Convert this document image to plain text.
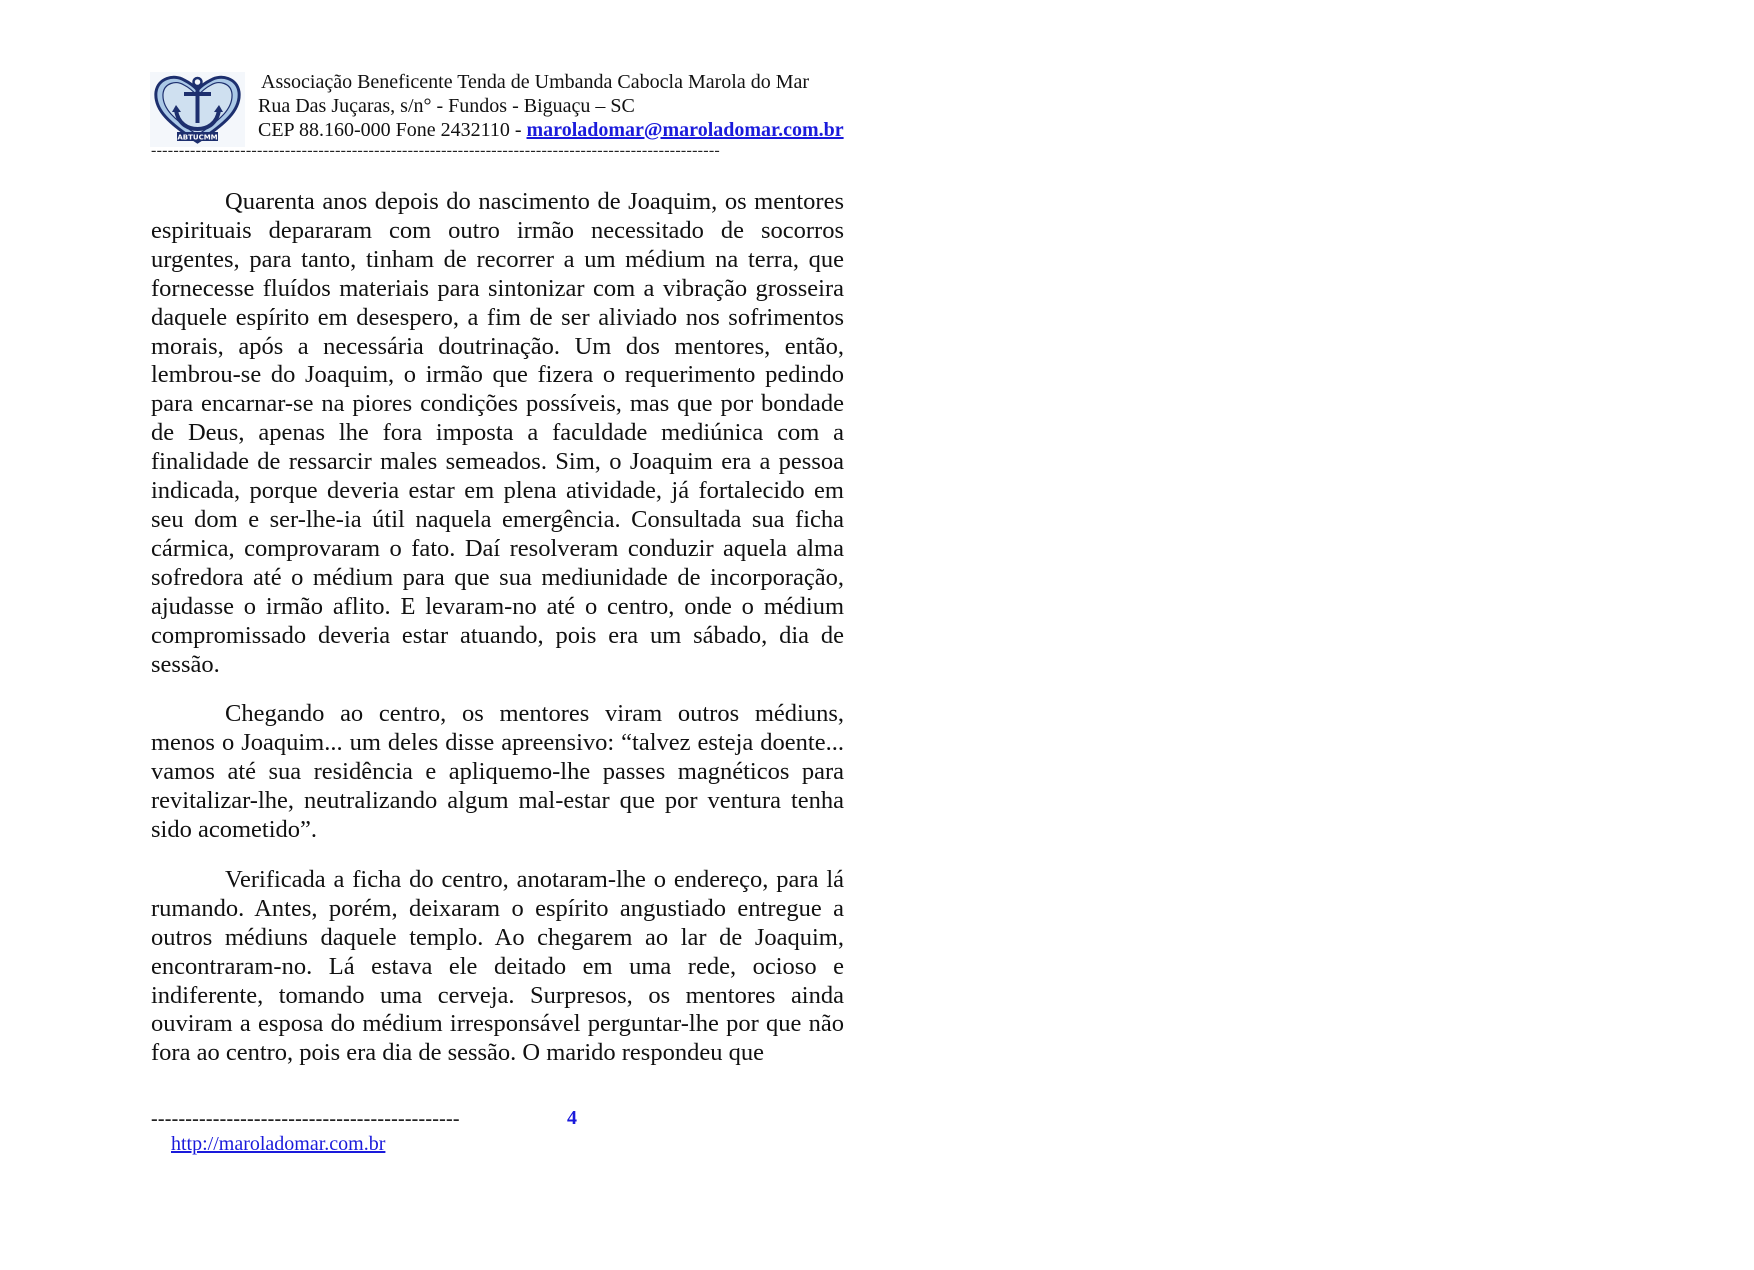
ABTUCMM
Associação Beneficente Tenda de Umbanda Cabocla Marola do Mar
Rua Das Juçaras, s/n° - Fundos - Biguaçu – SC
CEP 88.160-000 Fone 2432110 - maroladomar@maroladomar.com.br
------------------------------------------------------------------------------------------------------

Quarenta anos depois do nascimento de Joaquim, os mentores espirituais depararam com outro irmão necessitado de socorros urgentes, para tanto, tinham de recorrer a um médium na terra, que fornecesse fluídos materiais para sintonizar com a vibração grosseira daquele espírito em desespero, a fim de ser aliviado nos sofrimentos morais, após a necessária doutrinação. Um dos mentores, então, lembrou-se do Joaquim, o irmão que fizera o requerimento pedindo para encarnar-se na piores condições possíveis, mas que por bondade de Deus, apenas lhe fora imposta a faculdade mediúnica com a finalidade de ressarcir males semeados. Sim, o Joaquim era a pessoa indicada, porque deveria estar em plena atividade, já fortalecido em seu dom e ser-lhe-ia útil naquela emergência. Consultada sua ficha cármica, comprovaram o fato. Daí resolveram conduzir aquela alma sofredora até o médium para que sua mediunidade de incorporação, ajudasse o irmão aflito. E levaram-no até o centro, onde o médium compromissado deveria estar atuando, pois era um sábado, dia de sessão.

Chegando ao centro, os mentores viram outros médiuns, menos o Joaquim... um deles disse apreensivo: “talvez esteja doente... vamos até sua residência e apliquemo-lhe passes magnéticos para revitalizar-lhe, neutralizando algum mal-estar que por ventura tenha sido acometido”.

Verificada a ficha do centro, anotaram-lhe o endereço, para lá rumando. Antes, porém, deixaram o espírito angustiado entregue a outros médiuns daquele templo. Ao chegarem ao lar de Joaquim, encontraram-no. Lá estava ele deitado em uma rede, ocioso e indiferente, tomando uma cerveja. Surpresos, os mentores ainda ouviram a esposa do médium irresponsável perguntar-lhe por que não fora ao centro, pois era dia de sessão. O marido respondeu que

---------------------------------------------	4
http://maroladomar.com.br
